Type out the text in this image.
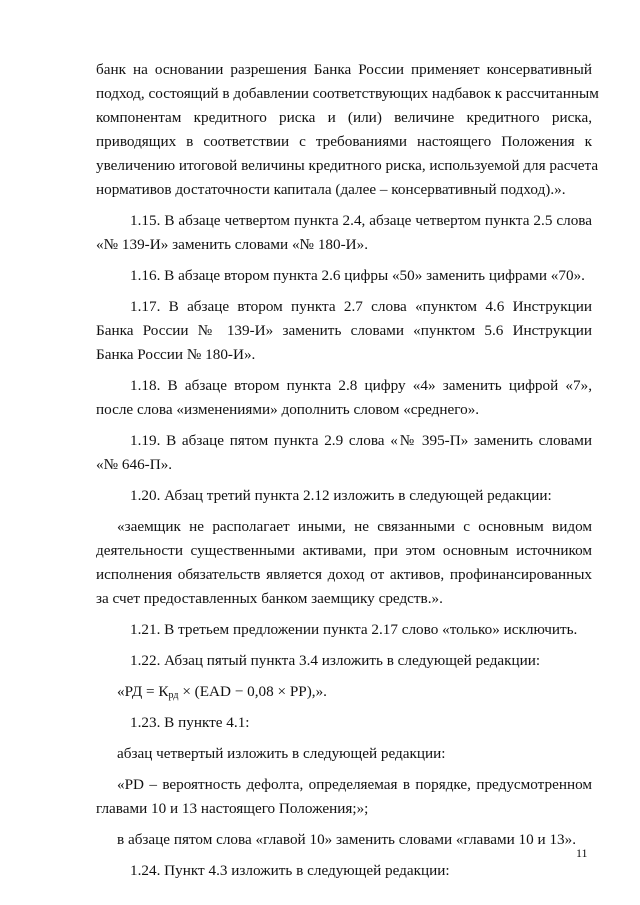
банк на основании разрешения Банка России применяет консервативный
подход, состоящий в добавлении соответствующих надбавок к рассчитанным
компонентам кредитного риска и (или) величине кредитного риска,
приводящих в соответствии с требованиями настоящего Положения к
увеличению итоговой величины кредитного риска, используемой для расчета
нормативов достаточности капитала (далее – консервативный подход).».
1.15. В абзаце четвертом пункта 2.4, абзаце четвертом пункта 2.5 слова
«№ 139-И» заменить словами «№ 180-И».
1.16. В абзаце втором пункта 2.6 цифры «50» заменить цифрами «70».
1.17. В абзаце втором пункта 2.7 слова «пунктом 4.6 Инструкции
Банка России № 139-И» заменить словами «пунктом 5.6 Инструкции
Банка России № 180-И».
1.18. В абзаце втором пункта 2.8 цифру «4» заменить цифрой «7»,
после слова «изменениями» дополнить словом «среднего».
1.19. В абзаце пятом пункта 2.9 слова «№ 395-П» заменить словами
«№ 646-П».
1.20. Абзац третий пункта 2.12 изложить в следующей редакции:
«заемщик не располагает иными, не связанными с основным видом
деятельности существенными активами, при этом основным источником
исполнения обязательств является доход от активов, профинансированных
за счет предоставленных банком заемщику средств.».
1.21. В третьем предложении пункта 2.17 слово «только» исключить.
1.22. Абзац пятый пункта 3.4 изложить в следующей редакции:
«РД = $К_{рд} \times (EAD - 0,08 \times PP)$,».
1.23. В пункте 4.1:
абзац четвертый изложить в следующей редакции:
«PD – вероятность дефолта, определяемая в порядке, предусмотренном
главами 10 и 13 настоящего Положения;»;
в абзаце пятом слова «главой 10» заменить словами «главами 10 и 13».
1.24. Пункт 4.3 изложить в следующей редакции:
11
